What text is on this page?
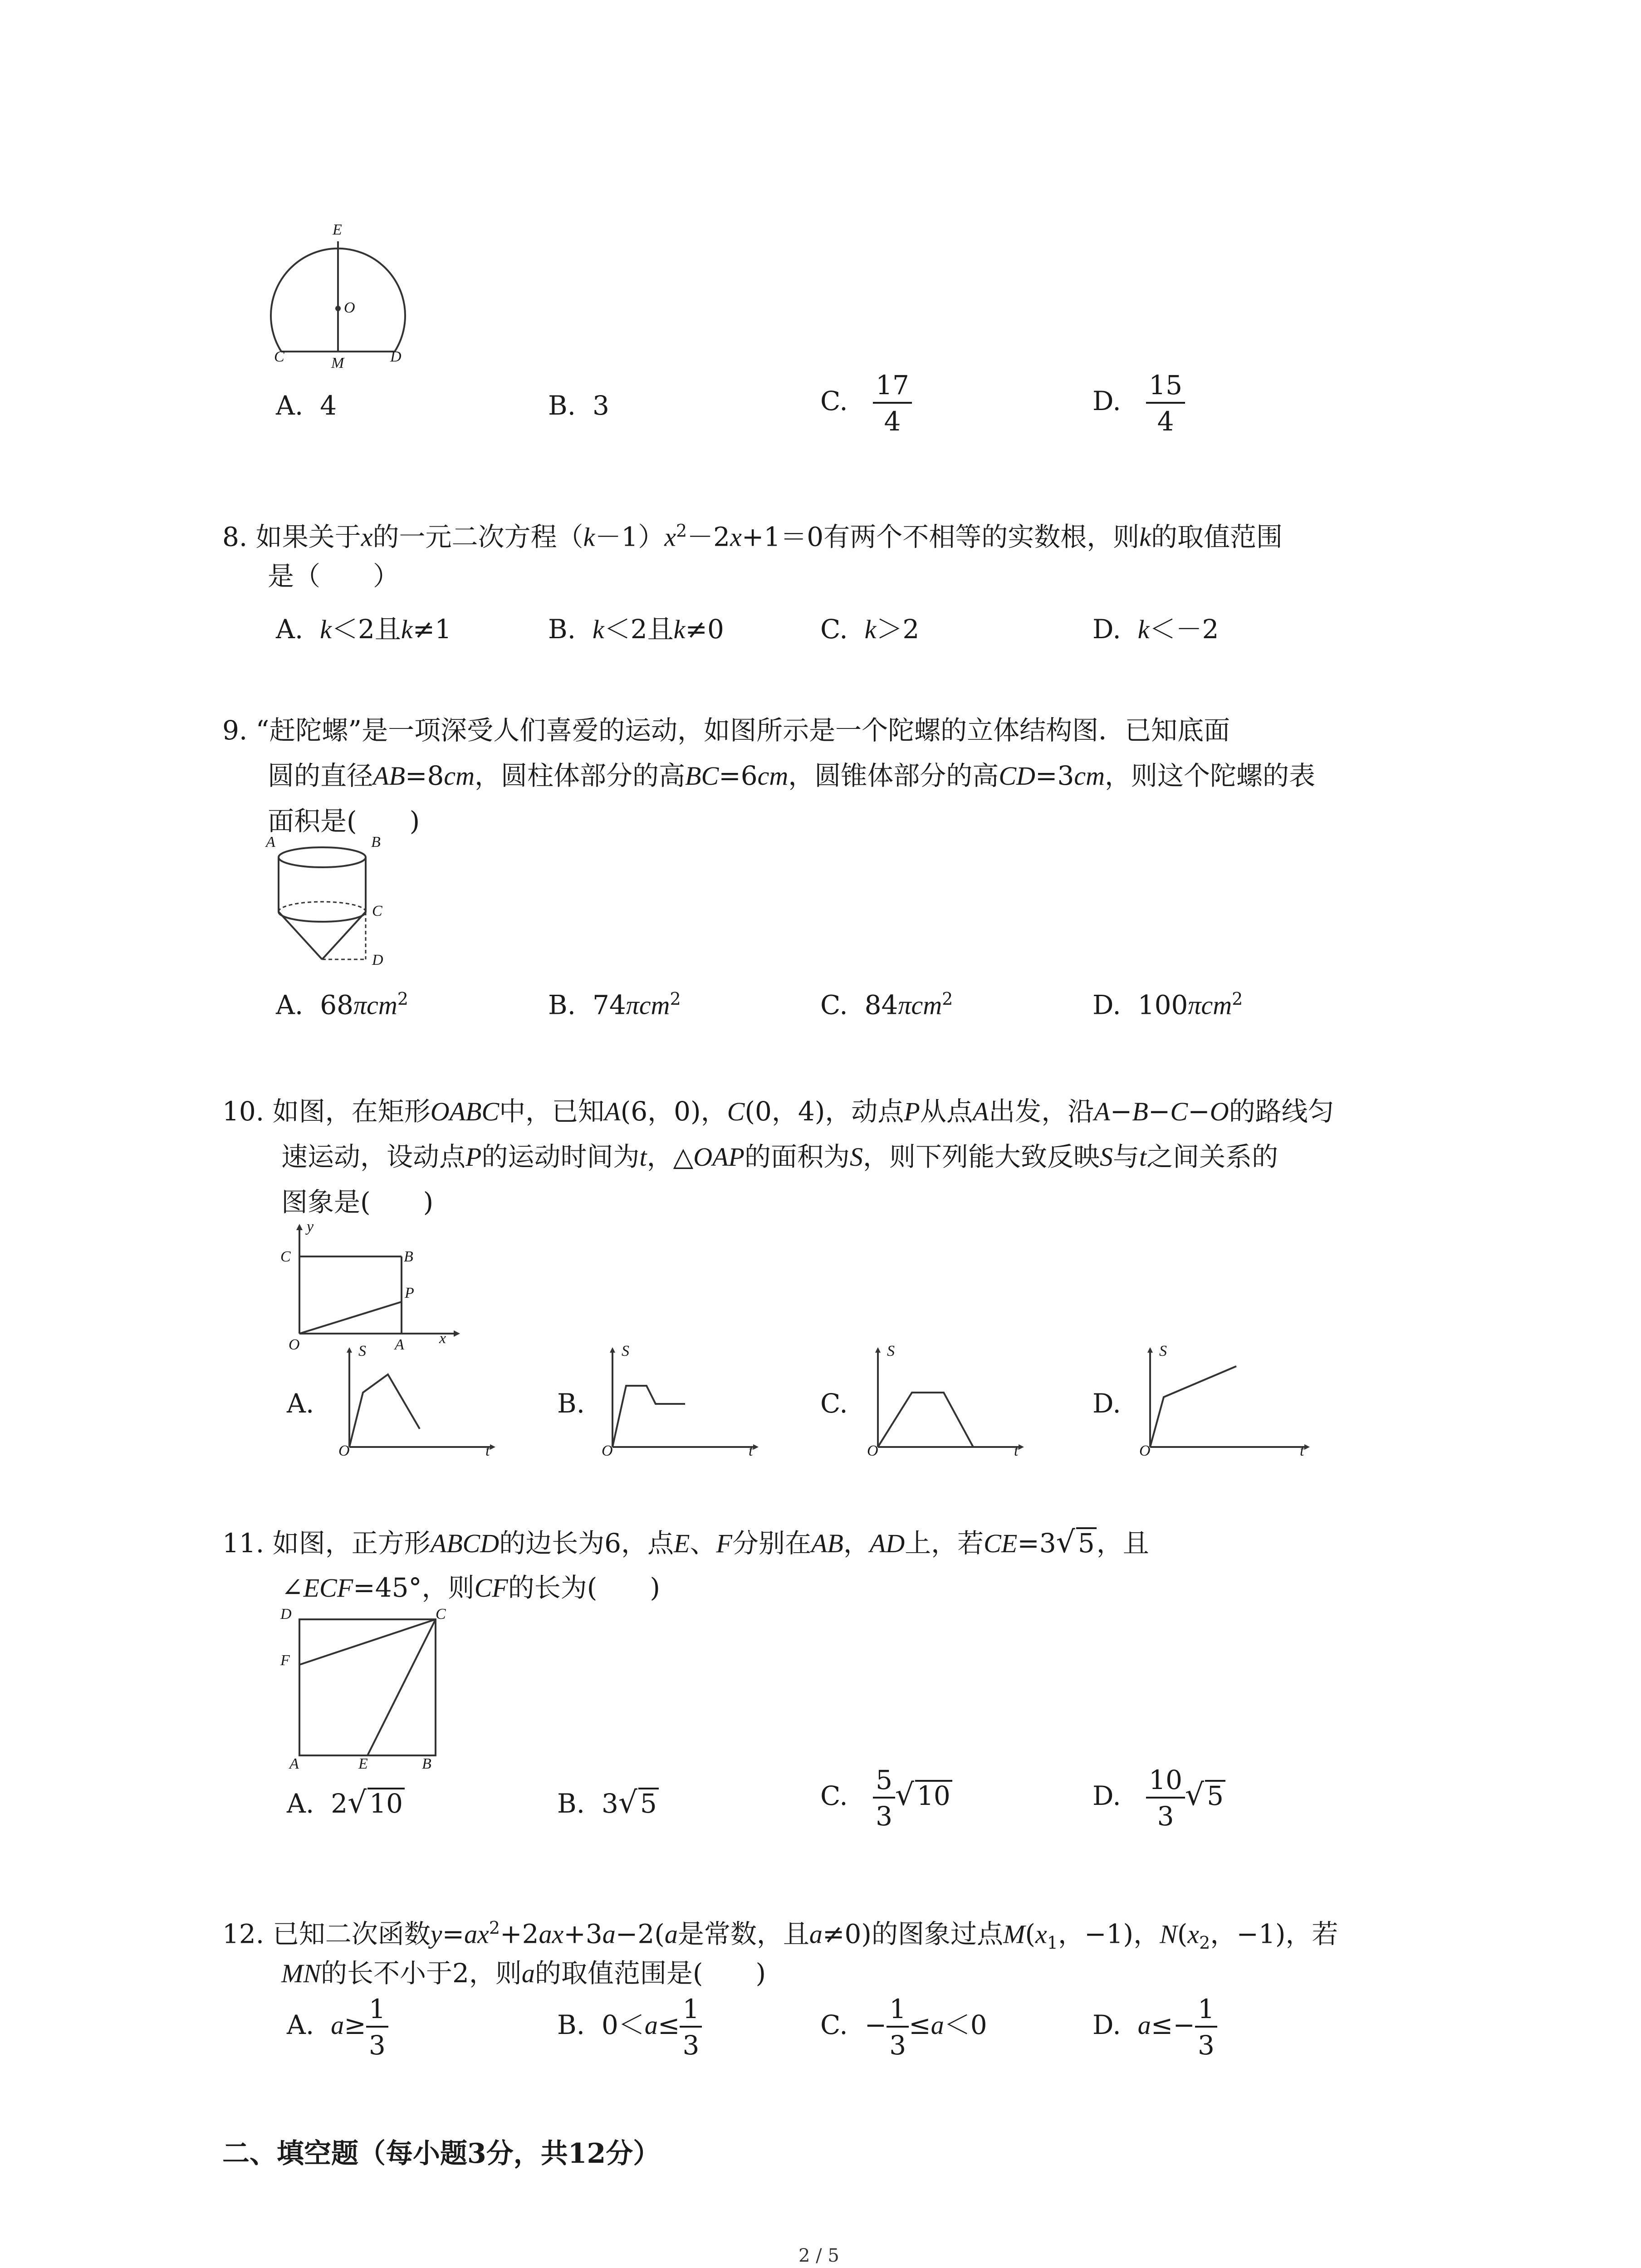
E
O
C	M	D
A. 4	B. 3	C. $\frac{17}{4}$	D. $\frac{15}{4}$
8. 如果关于x的一元二次方程$(k-1)x^2-2x+1=0$有两个不相等的实数根，则k的取值范围
是（　　）
A. k＜2且k≠1	B. k＜2且k≠0	C. k＞2	D. k＜－2
9. “赶陀螺”是一项深受人们喜爱的运动，如图所示是一个陀螺的立体结构图．已知底面
圆的直径AB=8cm，圆柱体部分的高BC=6cm，圆锥体部分的高CD=3cm，则这个陀螺的表
面积是(　　)
A	B
C
D
A. 68πcm$^2$	B. 74πcm$^2$	C. 84πcm$^2$	D. 100πcm$^2$
10. 如图，在矩形OABC中，已知A(6，0)，C(0，4)，动点P从点A出发，沿A−B−C−O的路线匀
速运动，设动点P的运动时间为t，△OAP的面积为S，则下列能大致反映S与t之间关系的
图象是(　　)
y
C	B
P
O	A x
A.
S
O	t
B.
S
O	t
C.
S
O	t
D.
S
O	t
11. 如图，正方形ABCD的边长为6，点E、F分别在AB，AD上，若CE=3√ 5，且
∠ECF=45°，则CF的长为(　　)
D	C
F
A	E	B
A. 2√ 10	B. 3√ 5	C. $\frac{5}{3}$ √ 10	D. $\frac{10}{3}$ √ 5
12. 已知二次函数$y=ax^2+2ax+3a-2(a$是常数，且a≠0)的图象过点$M(x_1$，−1)，$N(x_2$，−1)，若
MN的长不小于2，则a的取值范围是(　　)
A. $a\ge \frac{1}{3}$	B. $0<a\le \frac{1}{3}$	C. − $\frac{1}{3} \le a<0$	D. $a\le- \frac{1}{3}$
二、填空题（每小题3分，共12分）
2 / 5
